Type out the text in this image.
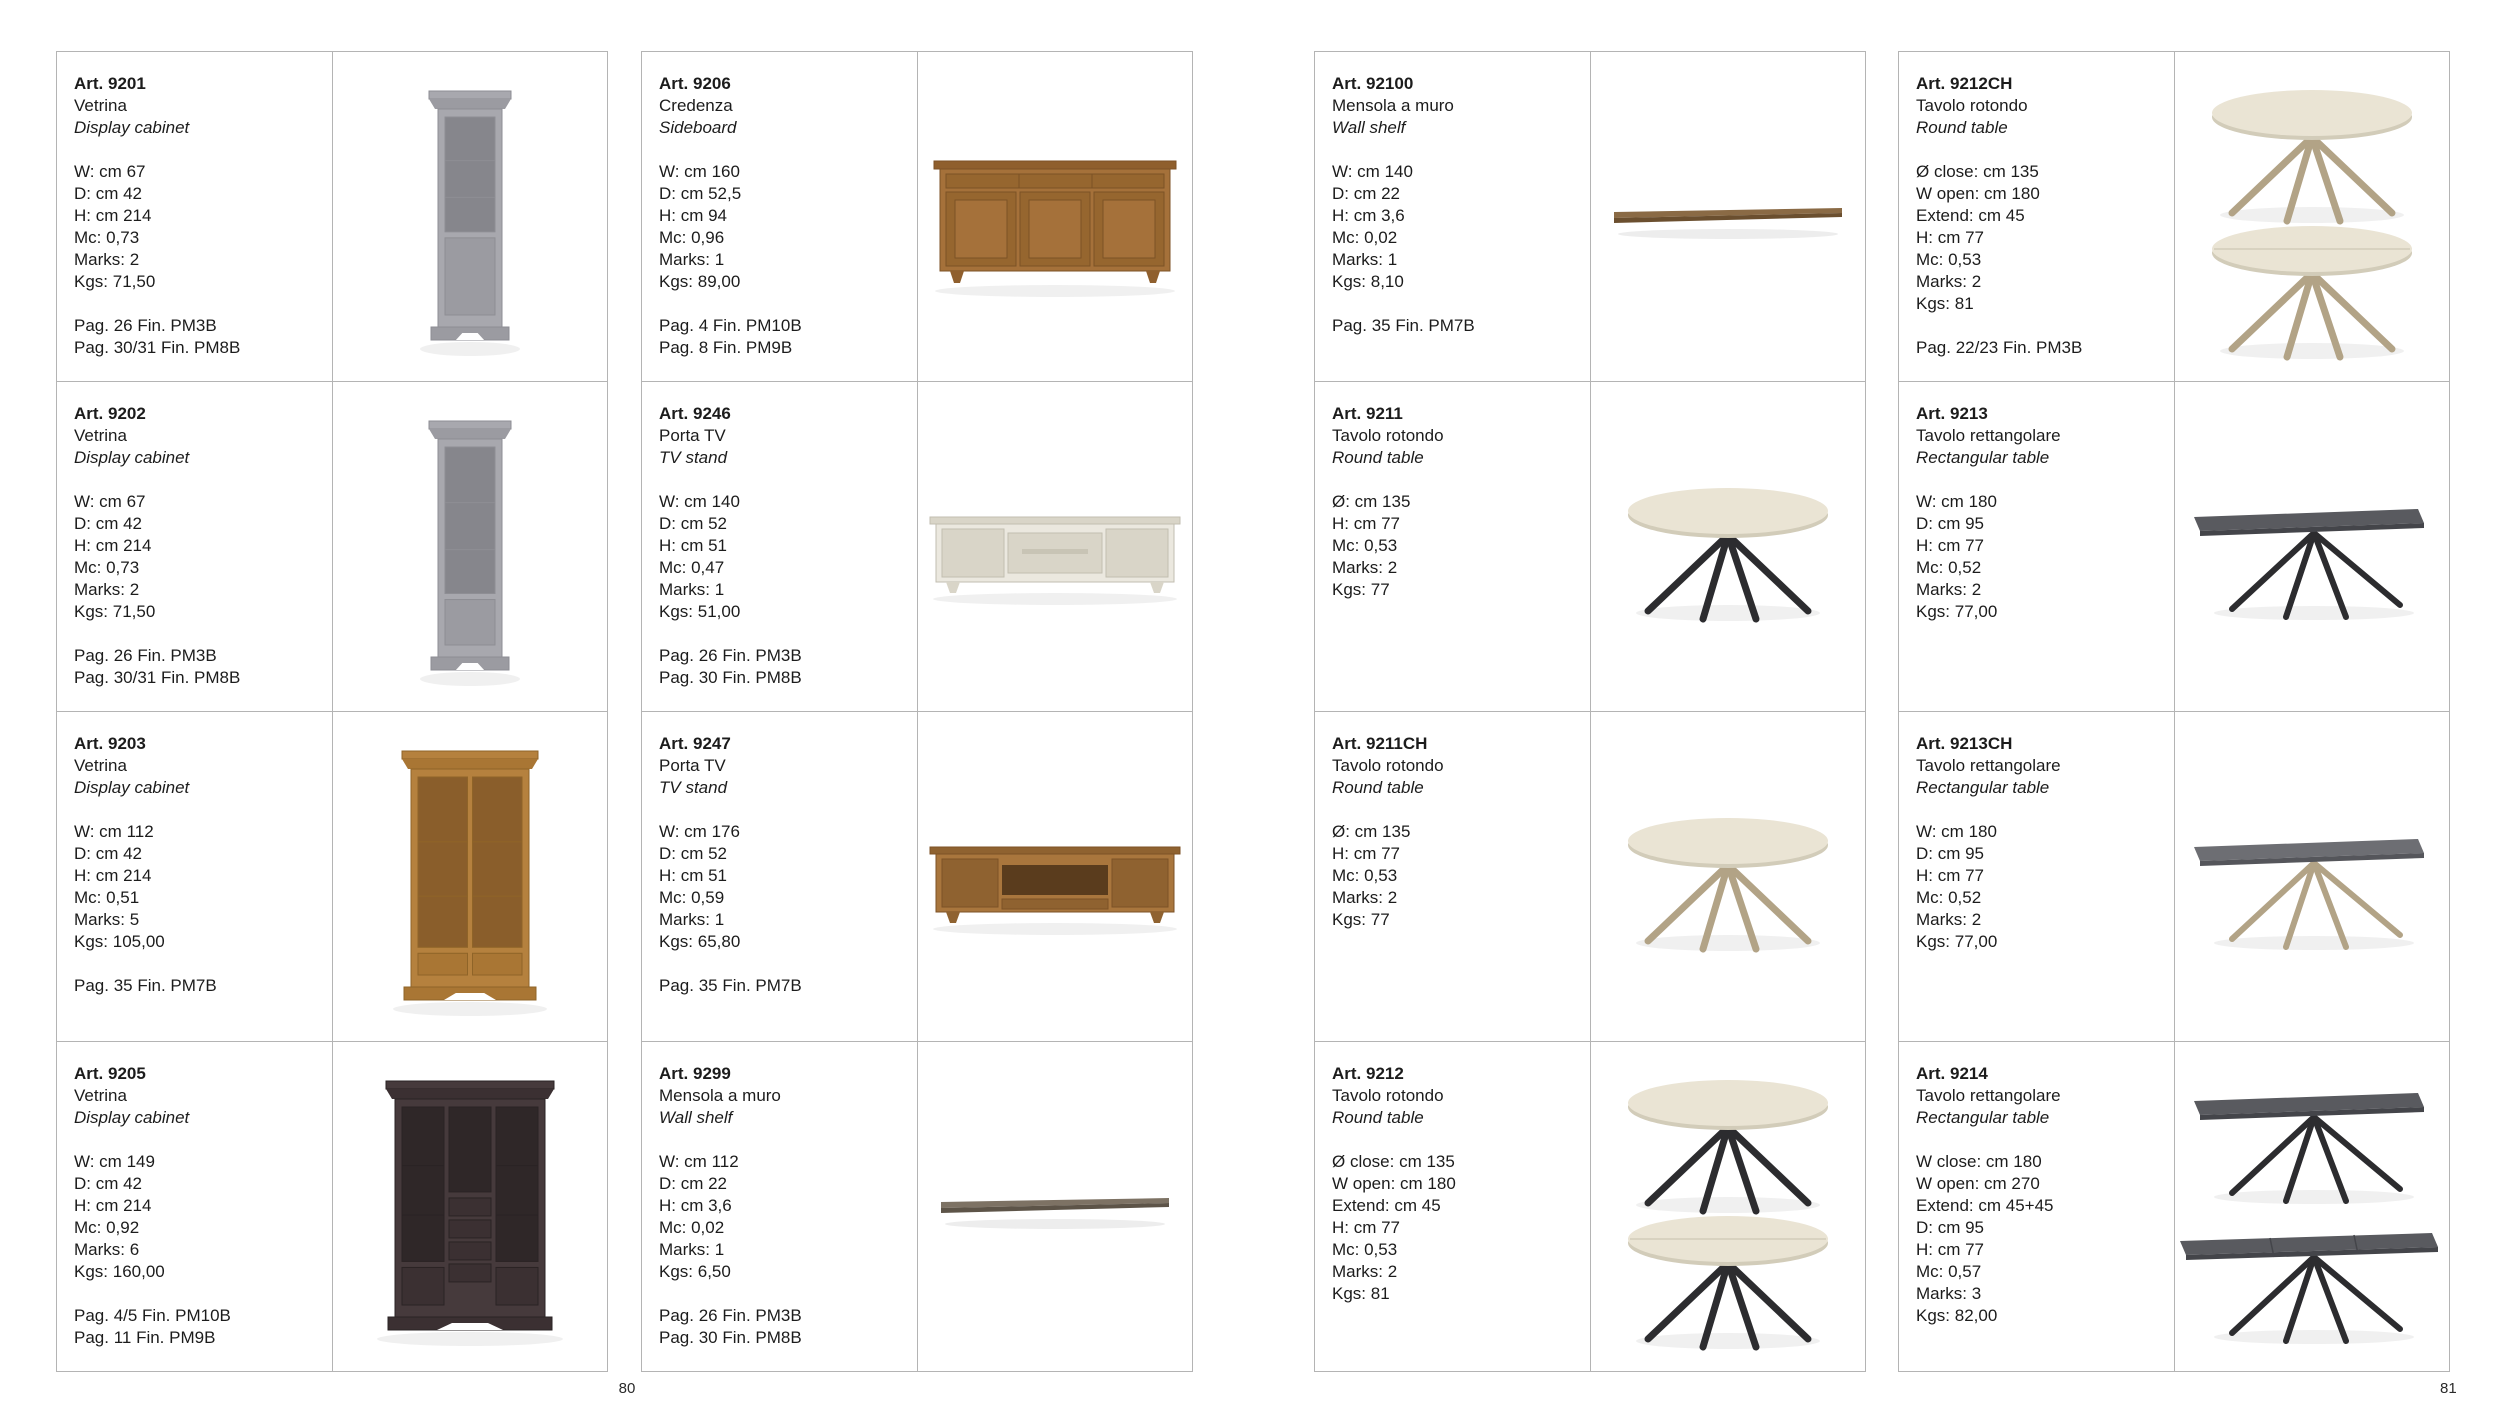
Art. 9201
Vetrina
Display cabinet
W: cm 67
D: cm 42
H: cm 214
Mc: 0,73
Marks: 2
Kgs: 71,50
Pag. 26 Fin. PM3B
Pag. 30/31 Fin. PM8B
Art. 9202
Vetrina
Display cabinet
W: cm 67
D: cm 42
H: cm 214
Mc: 0,73
Marks: 2
Kgs: 71,50
Pag. 26 Fin. PM3B
Pag. 30/31 Fin. PM8B
Art. 9203
Vetrina
Display cabinet
W: cm 112
D: cm 42
H: cm 214
Mc: 0,51
Marks: 5
Kgs: 105,00
Pag. 35 Fin. PM7B
Art. 9205
Vetrina
Display cabinet
W: cm 149
D: cm 42
H: cm 214
Mc: 0,92
Marks: 6
Kgs: 160,00
Pag. 4/5 Fin. PM10B
Pag. 11 Fin. PM9B
Art. 9206
Credenza
Sideboard
W: cm 160
D: cm 52,5
H: cm 94
Mc: 0,96
Marks: 1
Kgs: 89,00
Pag. 4 Fin. PM10B
Pag. 8 Fin. PM9B
Art. 9246
Porta TV
TV stand
W: cm 140
D: cm 52
H: cm 51
Mc: 0,47
Marks: 1
Kgs: 51,00
Pag. 26 Fin. PM3B
Pag. 30 Fin. PM8B
Art. 9247
Porta TV
TV stand
W: cm 176
D: cm 52
H: cm 51
Mc: 0,59
Marks: 1
Kgs: 65,80
Pag. 35 Fin. PM7B
Art. 9299
Mensola a muro
Wall shelf
W: cm 112
D: cm 22
H: cm 3,6
Mc: 0,02
Marks: 1
Kgs: 6,50
Pag. 26 Fin. PM3B
Pag. 30 Fin. PM8B
Art. 92100
Mensola a muro
Wall shelf
W: cm 140
D: cm 22
H: cm 3,6
Mc: 0,02
Marks: 1
Kgs: 8,10
Pag. 35 Fin. PM7B
Art. 9211
Tavolo rotondo
Round table
Ø: cm 135
H: cm 77
Mc: 0,53
Marks: 2
Kgs: 77
Art. 9211CH
Tavolo rotondo
Round table
Ø: cm 135
H: cm 77
Mc: 0,53
Marks: 2
Kgs: 77
Art. 9212
Tavolo rotondo
Round table
Ø close: cm 135
W open: cm 180
Extend: cm 45
H: cm 77
Mc: 0,53
Marks: 2
Kgs: 81
Art. 9212CH
Tavolo rotondo
Round table
Ø close: cm 135
W open: cm 180
Extend: cm 45
H: cm 77
Mc: 0,53
Marks: 2
Kgs: 81
Pag. 22/23 Fin. PM3B
Art. 9213
Tavolo rettangolare
Rectangular table
W: cm 180
D: cm 95
H: cm 77
Mc: 0,52
Marks: 2
Kgs: 77,00
Art. 9213CH
Tavolo rettangolare
Rectangular table
W: cm 180
D: cm 95
H: cm 77
Mc: 0,52
Marks: 2
Kgs: 77,00
Art. 9214
Tavolo rettangolare
Rectangular table
W close: cm 180
W open: cm 270
Extend: cm 45+45
D: cm 95
H: cm 77
Mc: 0,57
Marks: 3
Kgs: 82,00
80	81
